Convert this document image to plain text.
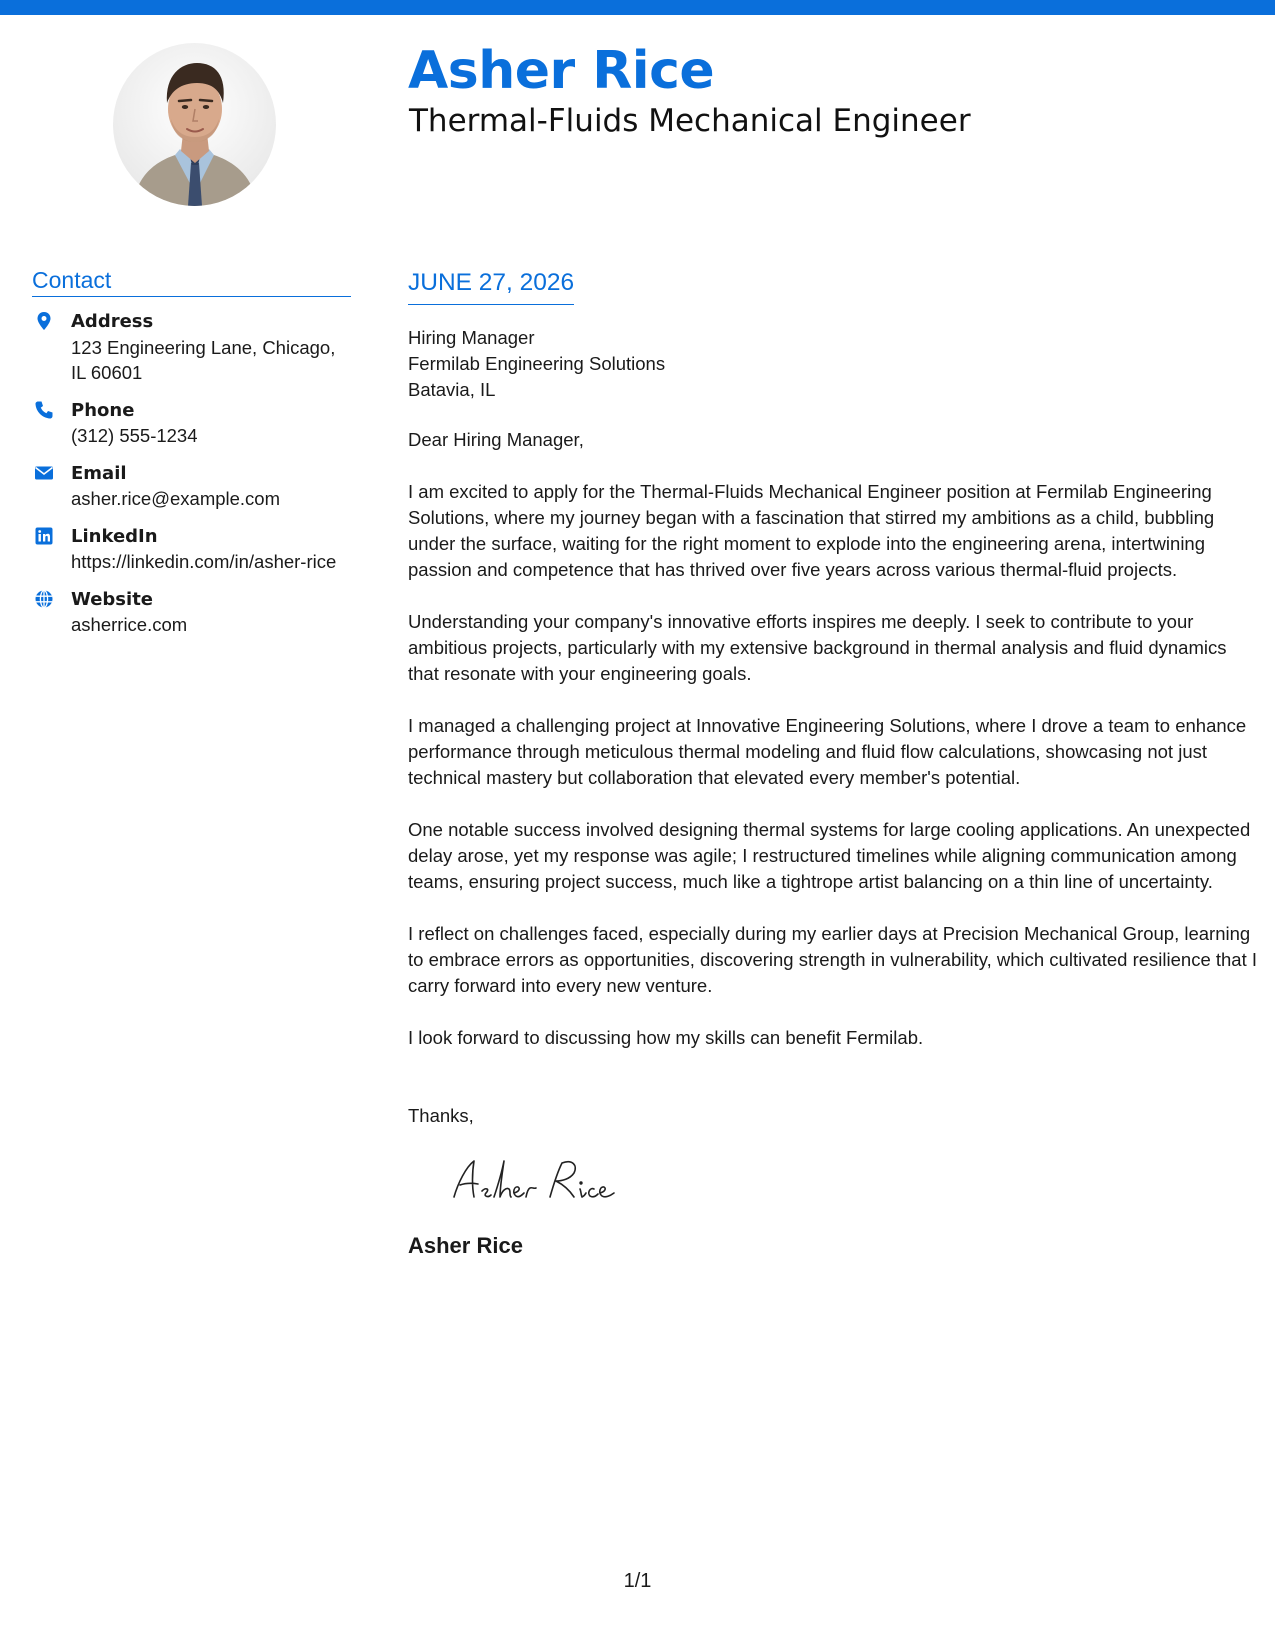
Asher Rice
Thermal-Fluids Mechanical Engineer
Contact
Address
123 Engineering Lane, Chicago, IL 60601
Phone
(312) 555-1234
Email
asher.rice@example.com
LinkedIn
https://linkedin.com/in/asher-rice
Website
asherrice.com
JUNE 27, 2026
Hiring Manager
Fermilab Engineering Solutions
Batavia, IL
Dear Hiring Manager,

I am excited to apply for the Thermal-Fluids Mechanical Engineer position at Fermilab Engineering Solutions, where my journey began with a fascination that stirred my ambitions as a child, bubbling under the surface, waiting for the right moment to explode into the engineering arena, intertwining passion and competence that has thrived over five years across various thermal-fluid projects.

Understanding your company's innovative efforts inspires me deeply. I seek to contribute to your ambitious projects, particularly with my extensive background in thermal analysis and fluid dynamics that resonate with your engineering goals.

I managed a challenging project at Innovative Engineering Solutions, where I drove a team to enhance performance through meticulous thermal modeling and fluid flow calculations, showcasing not just technical mastery but collaboration that elevated every member's potential.

One notable success involved designing thermal systems for large cooling applications. An unexpected delay arose, yet my response was agile; I restructured timelines while aligning communication among teams, ensuring project success, much like a tightrope artist balancing on a thin line of uncertainty.

I reflect on challenges faced, especially during my earlier days at Precision Mechanical Group, learning to embrace errors as opportunities, discovering strength in vulnerability, which cultivated resilience that I carry forward into every new venture.

I look forward to discussing how my skills can benefit Fermilab.

Thanks,
Asher Rice
1/1
